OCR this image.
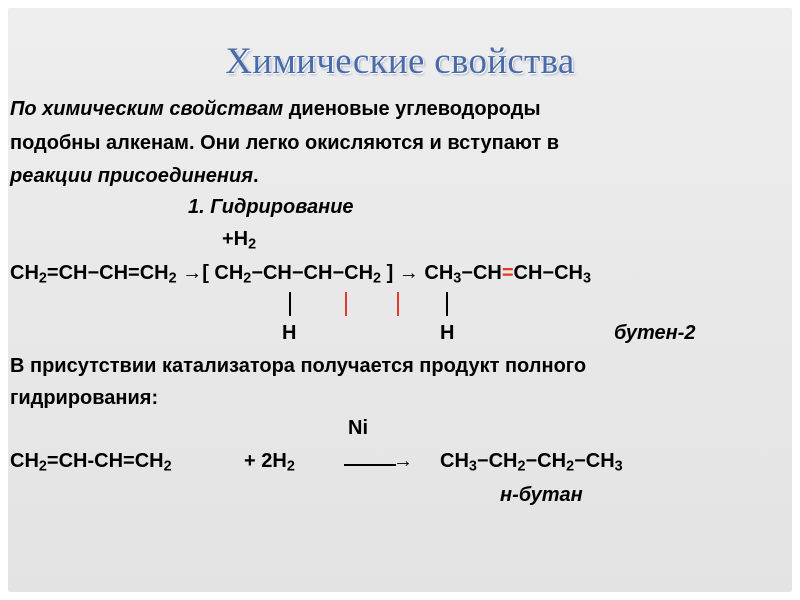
Химические свойства
По химическим свойствам диеновые углеводороды
подобны алкенам. Они легко окисляются и вступают в
реакции присоединения.
1. Гидрирование
$+H_2$
$CH_2=CH-CH=CH_2$ →[ $CH_2-CH-CH-CH_2$ ] → $CH_3-CH=CH-CH_3$
H	H	бутен-2
В присутствии катализатора получается продукт полного
гидрирования:
Ni
$CH_2=CH-CH=CH_2$	+ $2H_2$	→ $CH_3-CH_2-CH_2-CH_3$
н-бутан
